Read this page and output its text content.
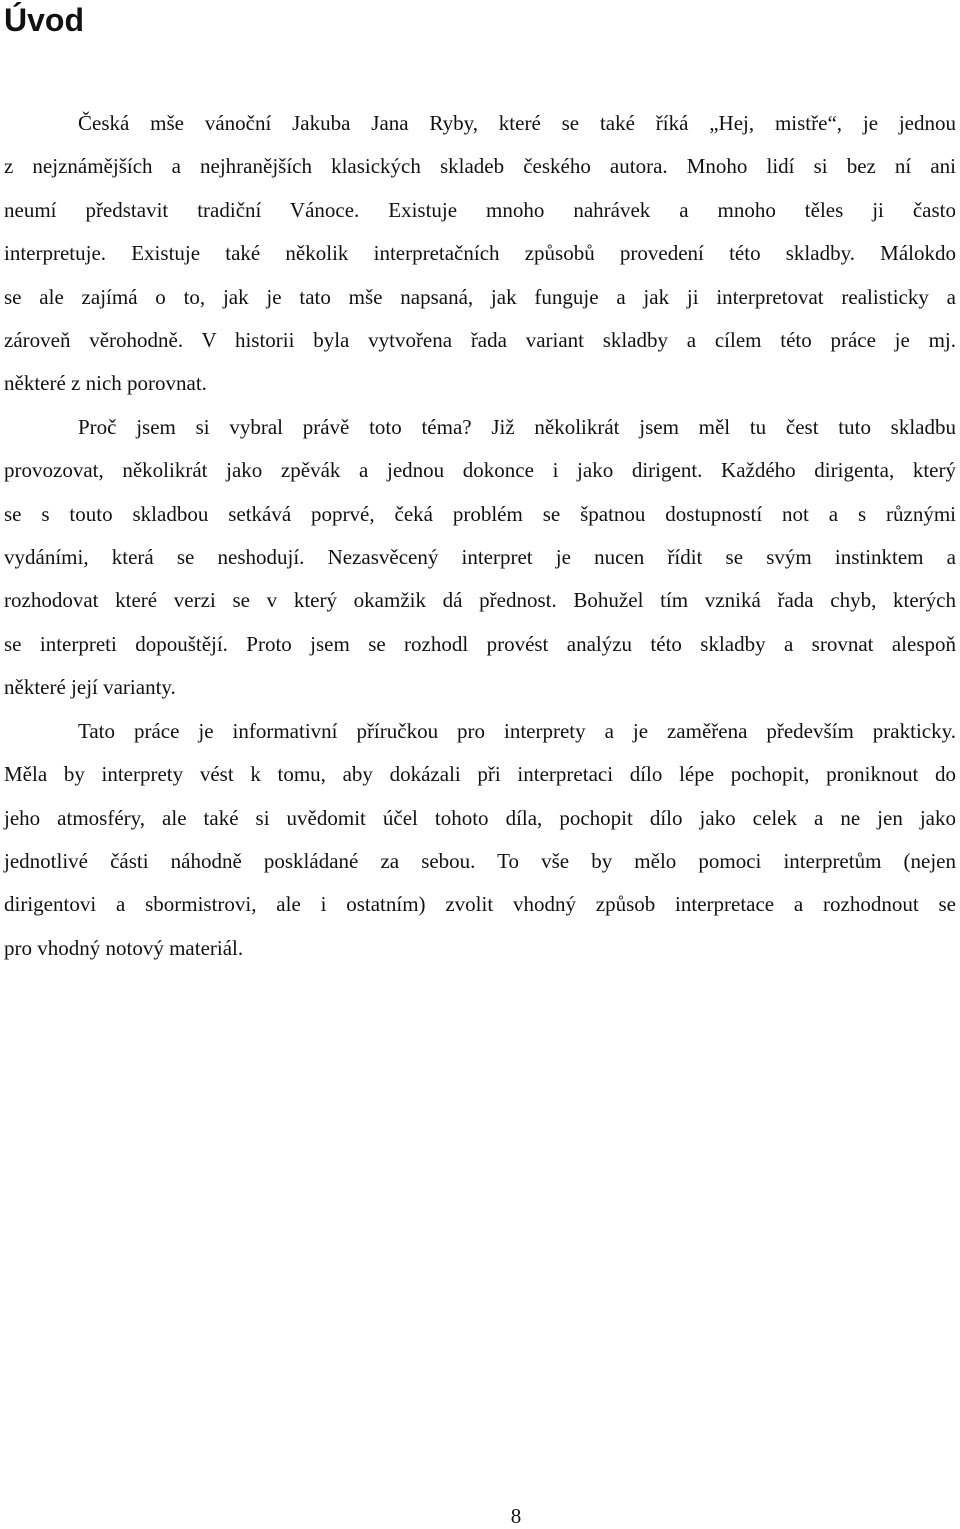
Úvod

Česká mše vánoční Jakuba Jana Ryby, které se také říká „Hej, mistře“, je jednou
z nejznámějších a nejhranějších klasických skladeb českého autora. Mnoho lidí si bez ní ani
neumí představit tradiční Vánoce. Existuje mnoho nahrávek a mnoho těles ji často
interpretuje. Existuje také několik interpretačních způsobů provedení této skladby. Málokdo
se ale zajímá o to, jak je tato mše napsaná, jak funguje a jak ji interpretovat realisticky a
zároveň věrohodně. V historii byla vytvořena řada variant skladby a cílem této práce je mj.
některé z nich porovnat.

Proč jsem si vybral právě toto téma? Již několikrát jsem měl tu čest tuto skladbu
provozovat, několikrát jako zpěvák a jednou dokonce i jako dirigent. Každého dirigenta, který
se s touto skladbou setkává poprvé, čeká problém se špatnou dostupností not a s různými
vydáními, která se neshodují. Nezasvěcený interpret je nucen řídit se svým instinktem a
rozhodovat které verzi se v který okamžik dá přednost. Bohužel tím vzniká řada chyb, kterých
se interpreti dopouštějí. Proto jsem se rozhodl provést analýzu této skladby a srovnat alespoň
některé její varianty.

Tato práce je informativní příručkou pro interprety a je zaměřena především prakticky.
Měla by interprety vést k tomu, aby dokázali při interpretaci dílo lépe pochopit, proniknout do
jeho atmosféry, ale také si uvědomit účel tohoto díla, pochopit dílo jako celek a ne jen jako
jednotlivé části náhodně poskládané za sebou. To vše by mělo pomoci interpretům (nejen
dirigentovi a sbormistrovi, ale i ostatním) zvolit vhodný způsob interpretace a rozhodnout se
pro vhodný notový materiál.

8
